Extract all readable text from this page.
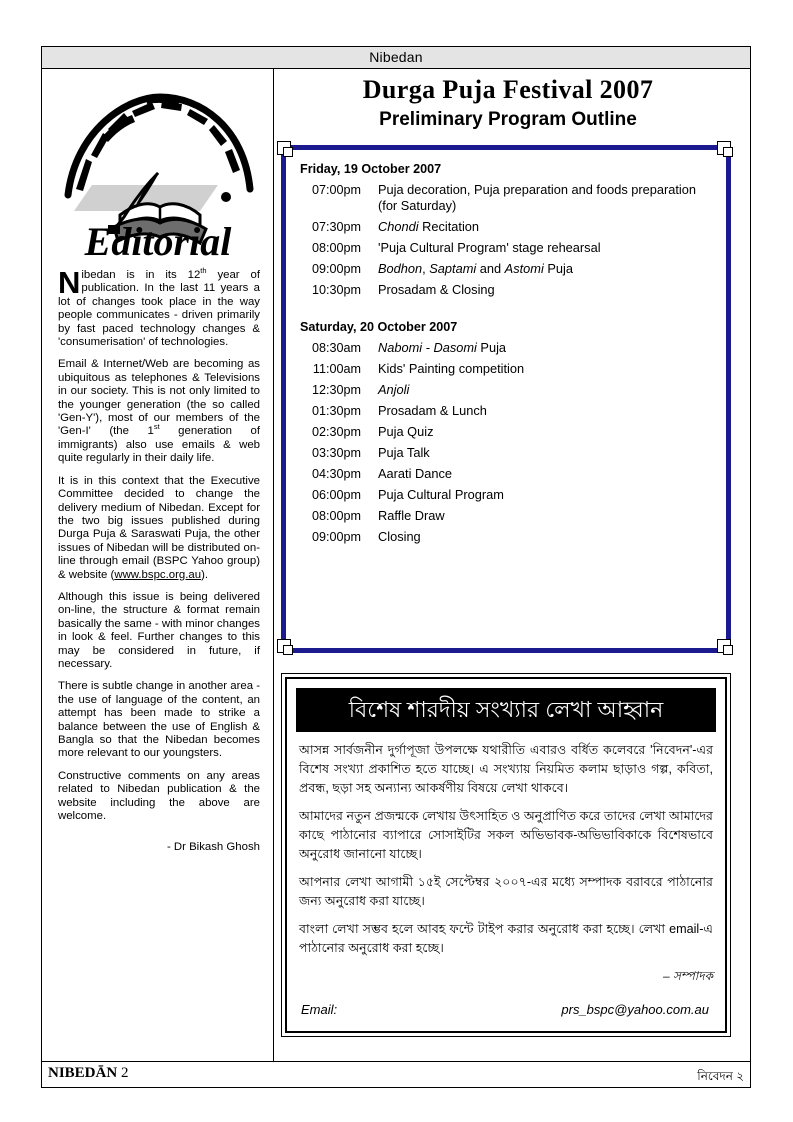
Nibedan
Editorial

Nibedan is in its 12th year of publication. In the last 11 years a lot of changes took place in the way people communicates - driven primarily by fast paced technology changes & 'consumerisation' of technologies.

Email & Internet/Web are becoming as ubiquitous as telephones & Televisions in our society. This is not only limited to the younger generation (the so called 'Gen-Y'), most of our members of the 'Gen-I' (the 1st generation of immigrants) also use emails & web quite regularly in their daily life.

It is in this context that the Executive Committee decided to change the delivery medium of Nibedan. Except for the two big issues published during Durga Puja & Saraswati Puja, the other issues of Nibedan will be distributed on-line through email (BSPC Yahoo group) & website (www.bspc.org.au).

Although this issue is being delivered on-line, the structure & format remain basically the same - with minor changes in look & feel. Further changes to this may be considered in future, if necessary.

There is subtle change in another area - the use of language of the content, an attempt has been made to strike a balance between the use of English & Bangla so that the Nibedan becomes more relevant to our youngsters.

Constructive comments on any areas related to Nibedan publication & the website including the above are welcome.

- Dr Bikash Ghosh
Durga Puja Festival 2007
Preliminary Program Outline
Friday, 19 October 2007
07:00pm	Puja decoration, Puja preparation and foods preparation (for Saturday)
07:30pm	Chondi Recitation
08:00pm	'Puja Cultural Program' stage rehearsal
09:00pm	Bodhon, Saptami and Astomi Puja
10:30pm	Prosadam & Closing
Saturday, 20 October 2007
08:30am	Nabomi - Dasomi Puja
11:00am	Kids' Painting competition
12:30pm	Anjoli
01:30pm	Prosadam & Lunch
02:30pm	Puja Quiz
03:30pm	Puja Talk
04:30pm	Aarati Dance
06:00pm	Puja Cultural Program
08:00pm	Raffle Draw
09:00pm	Closing
বিশেষ শারদীয় সংখ্যার লেখা আহ্বান

আসন্ন সার্বজনীন দুর্গাপূজা উপলক্ষে যথারীতি এবারও বর্ধিত কলেবরে 'নিবেদন'-এর বিশেষ সংখ্যা প্রকাশিত হতে যাচ্ছে। এ সংখ্যায় নিয়মিত কলাম ছাড়াও গল্প, কবিতা, প্রবন্ধ, ছড়া সহ অন্যান্য আকর্ষণীয় বিষয়ে লেখা থাকবে।

আমাদের নতুন প্রজন্মকে লেখায় উৎসাহিত ও অনুপ্রাণিত করে তাদের লেখা আমাদের কাছে পাঠানোর ব্যাপারে সোসাইটির সকল অভিভাবক-অভিভাবিকাকে বিশেষভাবে অনুরোধ জানানো যাচ্ছে।

আপনার লেখা আগামী ১৫ই সেপ্টেম্বর ২০০৭-এর মধ্যে সম্পাদক বরাবরে পাঠানোর জন্য অনুরোধ করা যাচ্ছে।

বাংলা লেখা সম্ভব হলে আবহ ফন্টে টাইপ করার অনুরোধ করা হচ্ছে। লেখা email-এ পাঠানোর অনুরোধ করা হচ্ছে।

– সম্পাদক
Email:	prs_bspc@yahoo.com.au
NIBEDĀN 2	নিবেদন ২
